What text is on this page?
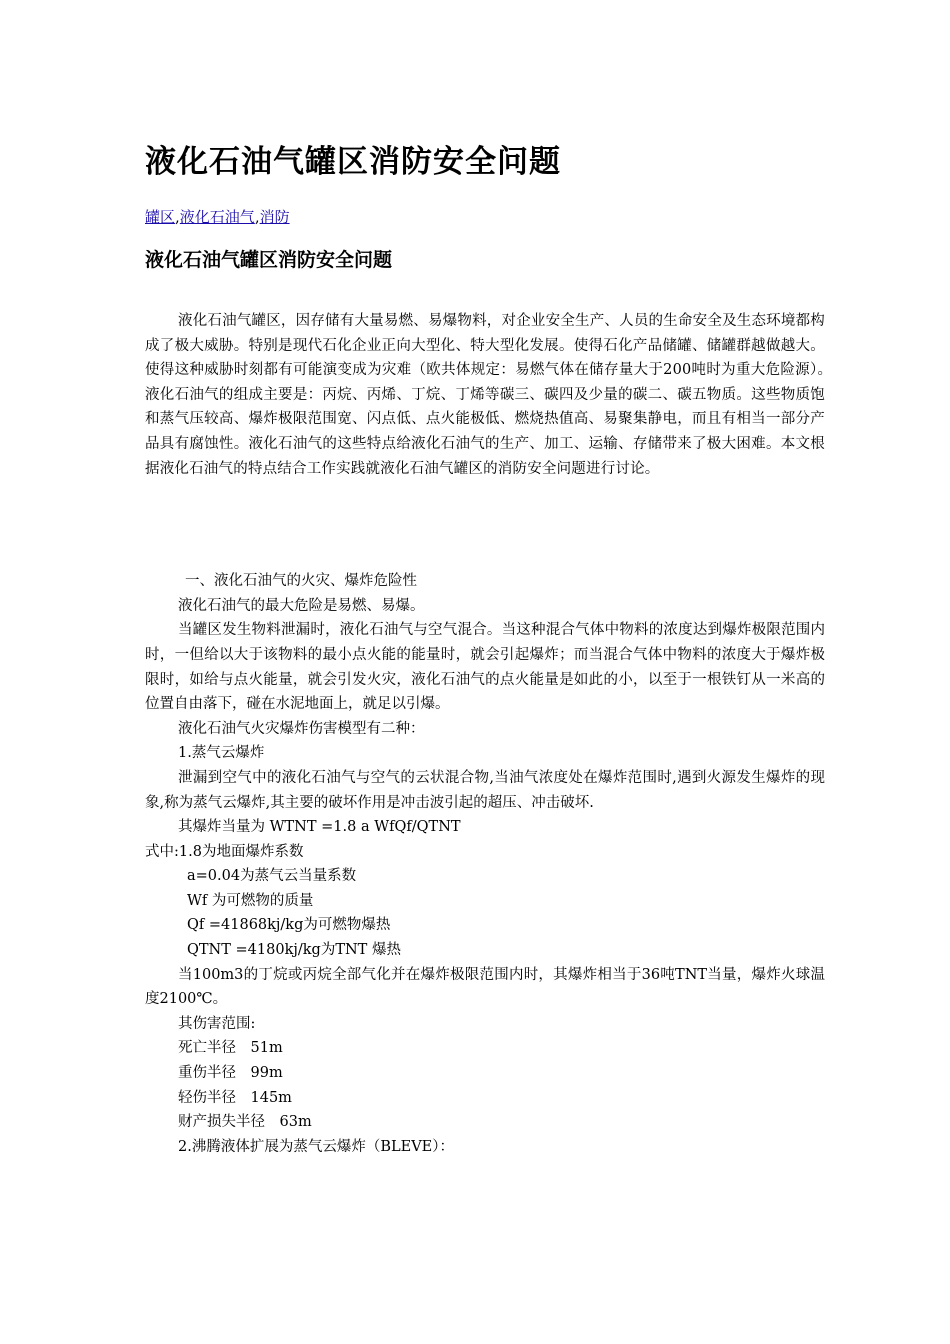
液化石油气罐区消防安全问题
罐区,液化石油气,消防
液化石油气罐区消防安全问题

液化石油气罐区，因存储有大量易燃、易爆物料，对企业安全生产、人员的生命安全及生态环境都构成了极大威胁。特别是现代石化企业正向大型化、特大型化发展。使得石化产品储罐、储罐群越做越大。使得这种威胁时刻都有可能演变成为灾难（欧共体规定：易燃气体在储存量大于200吨时为重大危险源）。　　液化石油气的组成主要是：丙烷、丙烯、丁烷、丁烯等碳三、碳四及少量的碳二、碳五物质。这些物质饱和蒸气压较高、爆炸极限范围宽、闪点低、点火能极低、燃烧热值高、易聚集静电，而且有相当一部分产品具有腐蚀性。液化石油气的这些特点给液化石油气的生产、加工、运输、存储带来了极大困难。本文根据液化石油气的特点结合工作实践就液化石油气罐区的消防安全问题进行讨论。

一、液化石油气的火灾、爆炸危险性

液化石油气的最大危险是易燃、易爆。

当罐区发生物料泄漏时，液化石油气与空气混合。当这种混合气体中物料的浓度达到爆炸极限范围内时，一但给以大于该物料的最小点火能的能量时，就会引起爆炸；而当混合气体中物料的浓度大于爆炸极限时，如给与点火能量，就会引发火灾，液化石油气的点火能量是如此的小，以至于一根铁钉从一米高的位置自由落下，碰在水泥地面上，就足以引爆。

液化石油气火灾爆炸伤害模型有二种：

1.蒸气云爆炸

泄漏到空气中的液化石油气与空气的云状混合物,当油气浓度处在爆炸范围时,遇到火源发生爆炸的现象,称为蒸气云爆炸,其主要的破坏作用是冲击波引起的超压、冲击破坏.

其爆炸当量为 WTNT =1.8 a WfQf/QTNT

式中:1.8为地面爆炸系数

a=0.04为蒸气云当量系数

Wf 为可燃物的质量

Qf =41868kj/kg为可燃物爆热

QTNT =4180kj/kg为TNT 爆热

当100m3的丁烷或丙烷全部气化并在爆炸极限范围内时，其爆炸相当于36吨TNT当量，爆炸火球温度2100℃。

其伤害范围:

死亡半径　51m

重伤半径　99m

轻伤半径　145m

财产损失半径　63m

2.沸腾液体扩展为蒸气云爆炸（BLEVE）：
